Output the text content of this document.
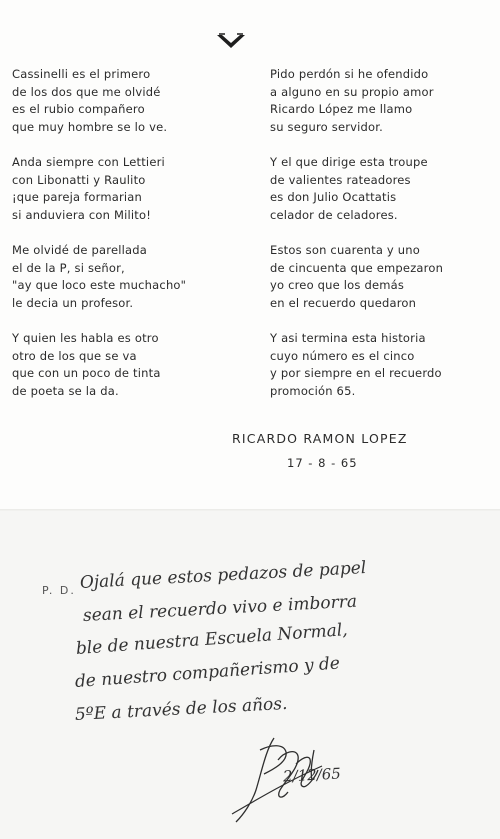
Cassinelli es el primero
de los dos que me olvidé
es el rubio compañero
que muy hombre se lo ve.
Anda siempre con Lettieri
con Libonatti y Raulito
¡que pareja formarian
si anduviera con Milito!
Me olvidé de parellada
el de la P, si señor,
"ay que loco este muchacho"
le decia un profesor.
Y quien les habla es otro
otro de los que se va
que con un poco de tinta
de poeta se la da.
Pido perdón si he ofendido
a alguno en su propio amor
Ricardo López me llamo
su seguro servidor.
Y el que dirige esta troupe
de valientes rateadores
es don Julio Ocattatis
celador de celadores.
Estos son cuarenta y uno
de cincuenta que empezaron
yo creo que los demás
en el recuerdo quedaron
Y asi termina esta historia
cuyo número es el cinco
y por siempre en el recuerdo
promoción 65.
RICARDO RAMON LOPEZ
17 - 8 - 65
P. D. Ojalá que estos pedazos de papel
sean el recuerdo vivo e imborra
ble de nuestra Escuela Normal,
de nuestro compañerismo y de
5ºE a través de los años.
2/12/65
